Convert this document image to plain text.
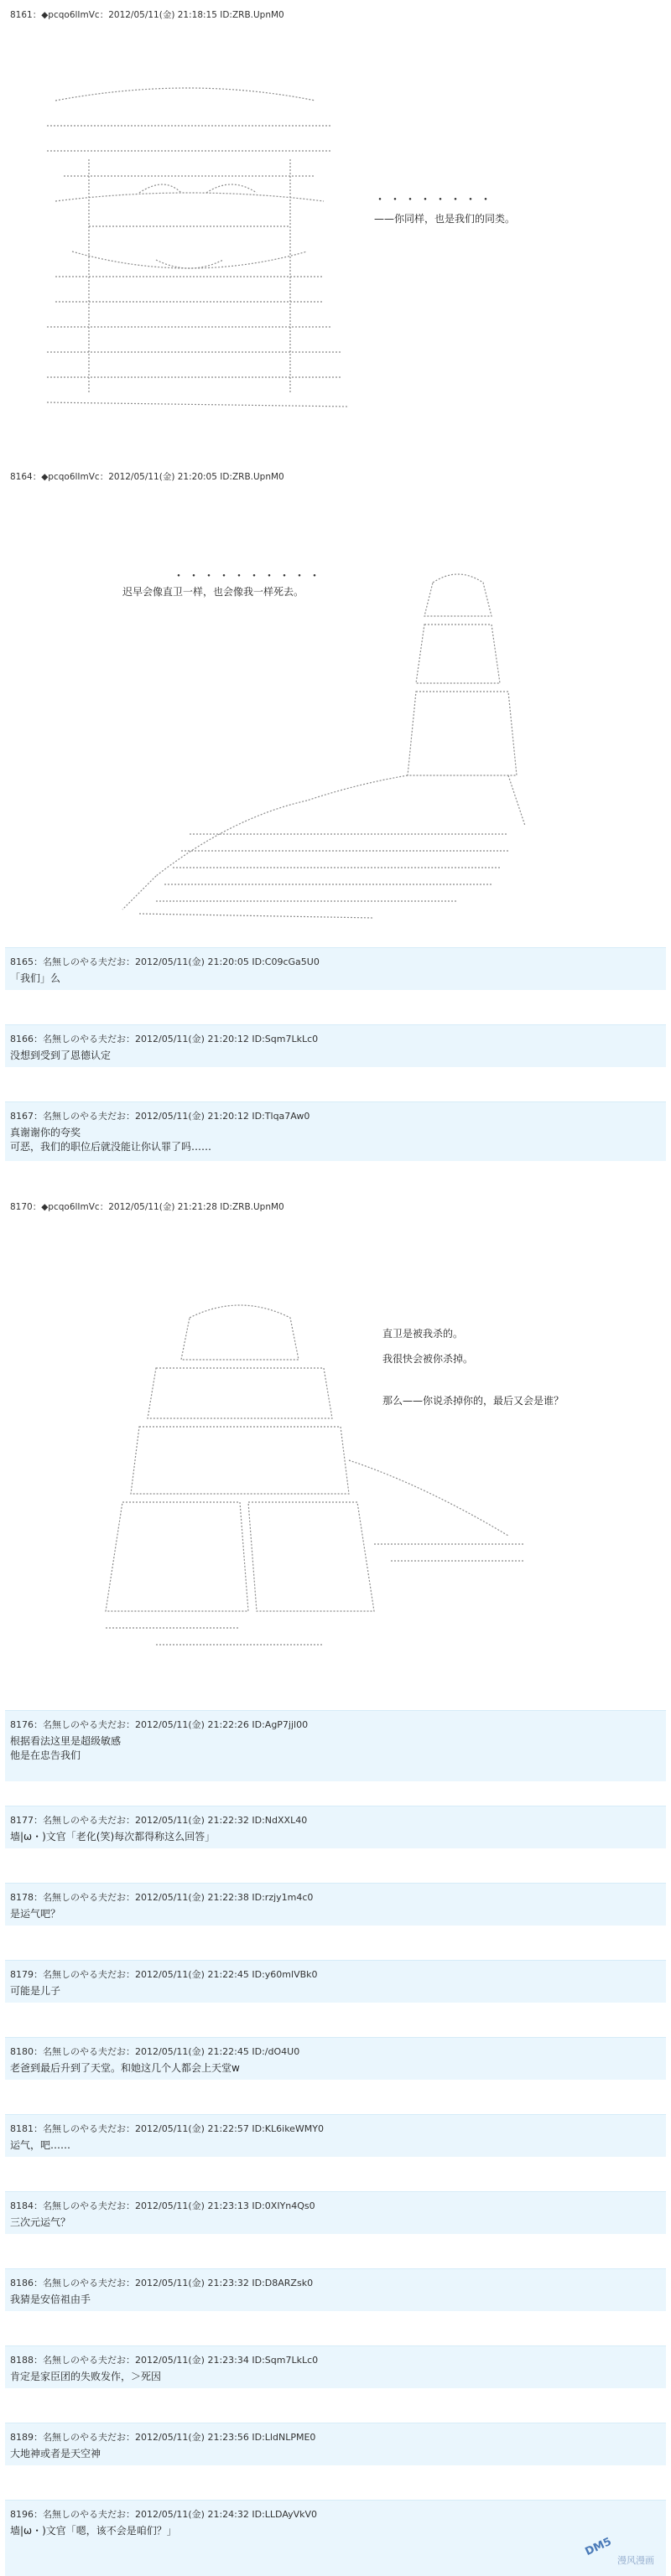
8161：◆pcqo6lImVc：2012/05/11(金) 21:18:15 ID:ZRB.UpnM0

・・・・・・・・
——你同样，也是我们的同类。
8164：◆pcqo6lImVc：2012/05/11(金) 21:20:05 ID:ZRB.UpnM0
・・・・・・・・・・
迟早会像直卫一样，也会像我一样死去。

8165：名無しのやる夫だお：2012/05/11(金) 21:20:05 ID:C09cGa5U0
「我们」么
8166：名無しのやる夫だお：2012/05/11(金) 21:20:12 ID:Sqm7LkLc0
没想到受到了恩德认定
8167：名無しのやる夫だお：2012/05/11(金) 21:20:12 ID:Tlqa7Aw0
真谢谢你的夸奖
可恶，我们的职位后就没能让你认罪了吗……
8170：◆pcqo6lImVc：2012/05/11(金) 21:21:28 ID:ZRB.UpnM0

直卫是被我杀的。
我很快会被你杀掉。
那么——你说杀掉你的，最后又会是谁？
8176：名無しのやる夫だお：2012/05/11(金) 21:22:26 ID:AgP7jjl00
根据看法这里是超级敏感
他是在忠告我们
8177：名無しのやる夫だお：2012/05/11(金) 21:22:32 ID:NdXXL40
墙|ω・)文官「老化(笑)每次都得称这么回答」
8178：名無しのやる夫だお：2012/05/11(金) 21:22:38 ID:rzjy1m4c0
是运气吧？
8179：名無しのやる夫だお：2012/05/11(金) 21:22:45 ID:y60mlVBk0
可能是儿子
8180：名無しのやる夫だお：2012/05/11(金) 21:22:45 ID:/dO4U0
老爸到最后升到了天堂。和她这几个人都会上天堂w
8181：名無しのやる夫だお：2012/05/11(金) 21:22:57 ID:KL6ikeWMY0
运气，吧……
8184：名無しのやる夫だお：2012/05/11(金) 21:23:13 ID:0XIYn4Qs0
三次元运气？
8186：名無しのやる夫だお：2012/05/11(金) 21:23:32 ID:D8ARZsk0
我猜是安倍祖由手
8188：名無しのやる夫だお：2012/05/11(金) 21:23:34 ID:Sqm7LkLc0
肯定是家臣团的失败发作，＞死因
8189：名無しのやる夫だお：2012/05/11(金) 21:23:56 ID:LldNLPME0
大地神或者是天空神
8196：名無しのやる夫だお：2012/05/11(金) 21:24:32 ID:LLDAyVkV0
墙|ω・)文官「嗯，该不会是咱们？」
DM5
漫风漫画
